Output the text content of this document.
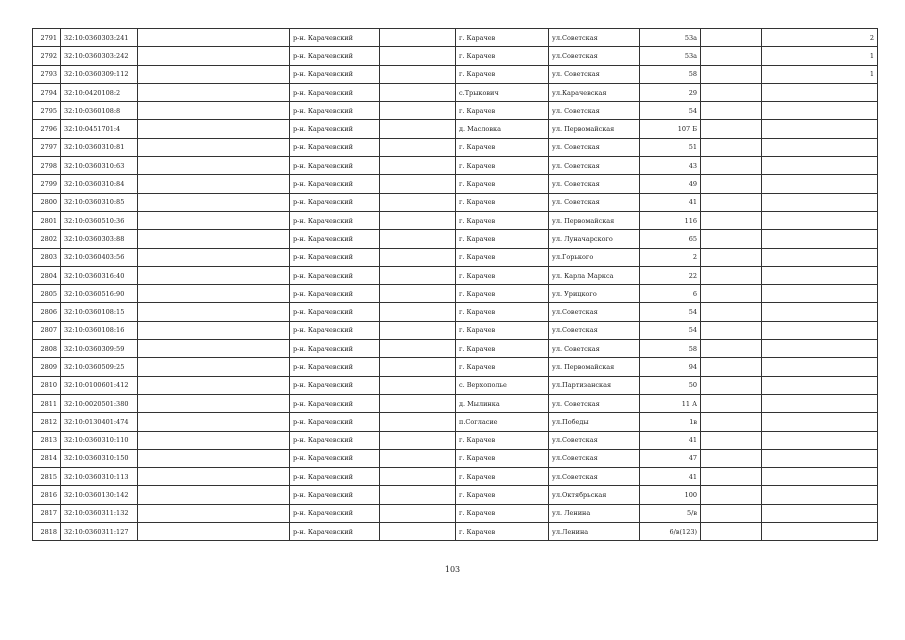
2791	32:10:0360303:241		р-н. Карачевский		г. Карачев	ул.Советская	53а		2
2792	32:10:0360303:242		р-н. Карачевский		г. Карачев	ул.Советская	53а		1
2793	32:10:0360309:112		р-н. Карачевский		г. Карачев	ул. Советская	58		1
2794	32:10:0420108:2		р-н. Карачевский		с.Трыкович	ул.Карачевская	29		
2795	32:10:0360108:8		р-н. Карачевский		г. Карачев	ул. Советская	54		
2796	32:10:0451701:4		р-н. Карачевский		д. Масловка	ул. Первомайская	107 Б		
2797	32:10:0360310:81		р-н. Карачевский		г. Карачев	ул. Советская	51		
2798	32:10:0360310:63		р-н. Карачевский		г. Карачев	ул. Советская	43		
2799	32:10:0360310:84		р-н. Карачевский		г. Карачев	ул. Советская	49		
2800	32:10:0360310:85		р-н. Карачевский		г. Карачев	ул. Советская	41		
2801	32:10:0360510:36		р-н. Карачевский		г. Карачев	ул. Первомайская	116		
2802	32:10:0360303:88		р-н. Карачевский		г. Карачев	ул. Луначарского	65		
2803	32:10:0360403:56		р-н. Карачевский		г. Карачев	ул.Горького	2		
2804	32:10:0360316:40		р-н. Карачевский		г. Карачев	ул. Карла Маркса	22		
2805	32:10:0360516:90		р-н. Карачевский		г. Карачев	ул. Урицкого	6		
2806	32:10:0360108:15		р-н. Карачевский		г. Карачев	ул.Советская	54		
2807	32:10:0360108:16		р-н. Карачевский		г. Карачев	ул.Советская	54		
2808	32:10:0360309:59		р-н. Карачевский		г. Карачев	ул. Советская	58		
2809	32:10:0360509:25		р-н. Карачевский		г. Карачев	ул. Первомайская	94		
2810	32:10:0100601:412		р-н. Карачевский		с. Верхополье	ул.Партизанская	50		
2811	32:10:0020501:380		р-н. Карачевский		д. Мылинка	ул. Советская	11 А		
2812	32:10:0130401:474		р-н. Карачевский		п.Согласие	ул.Победы	1в		
2813	32:10:0360310:110		р-н. Карачевский		г. Карачев	ул.Советская	41		
2814	32:10:0360310:150		р-н. Карачевский		г. Карачев	ул.Советская	47		
2815	32:10:0360310:113		р-н. Карачевский		г. Карачев	ул.Советская	41		
2816	32:10:0360130:142		р-н. Карачевский		г. Карачев	ул.Октябрьская	100		
2817	32:10:0360311:132		р-н. Карачевский		г. Карачев	ул. Ленина	5/в		
2818	32:10:0360311:127		р-н. Карачевский		г. Карачев	ул.Ленина	6/в(123)		
103
